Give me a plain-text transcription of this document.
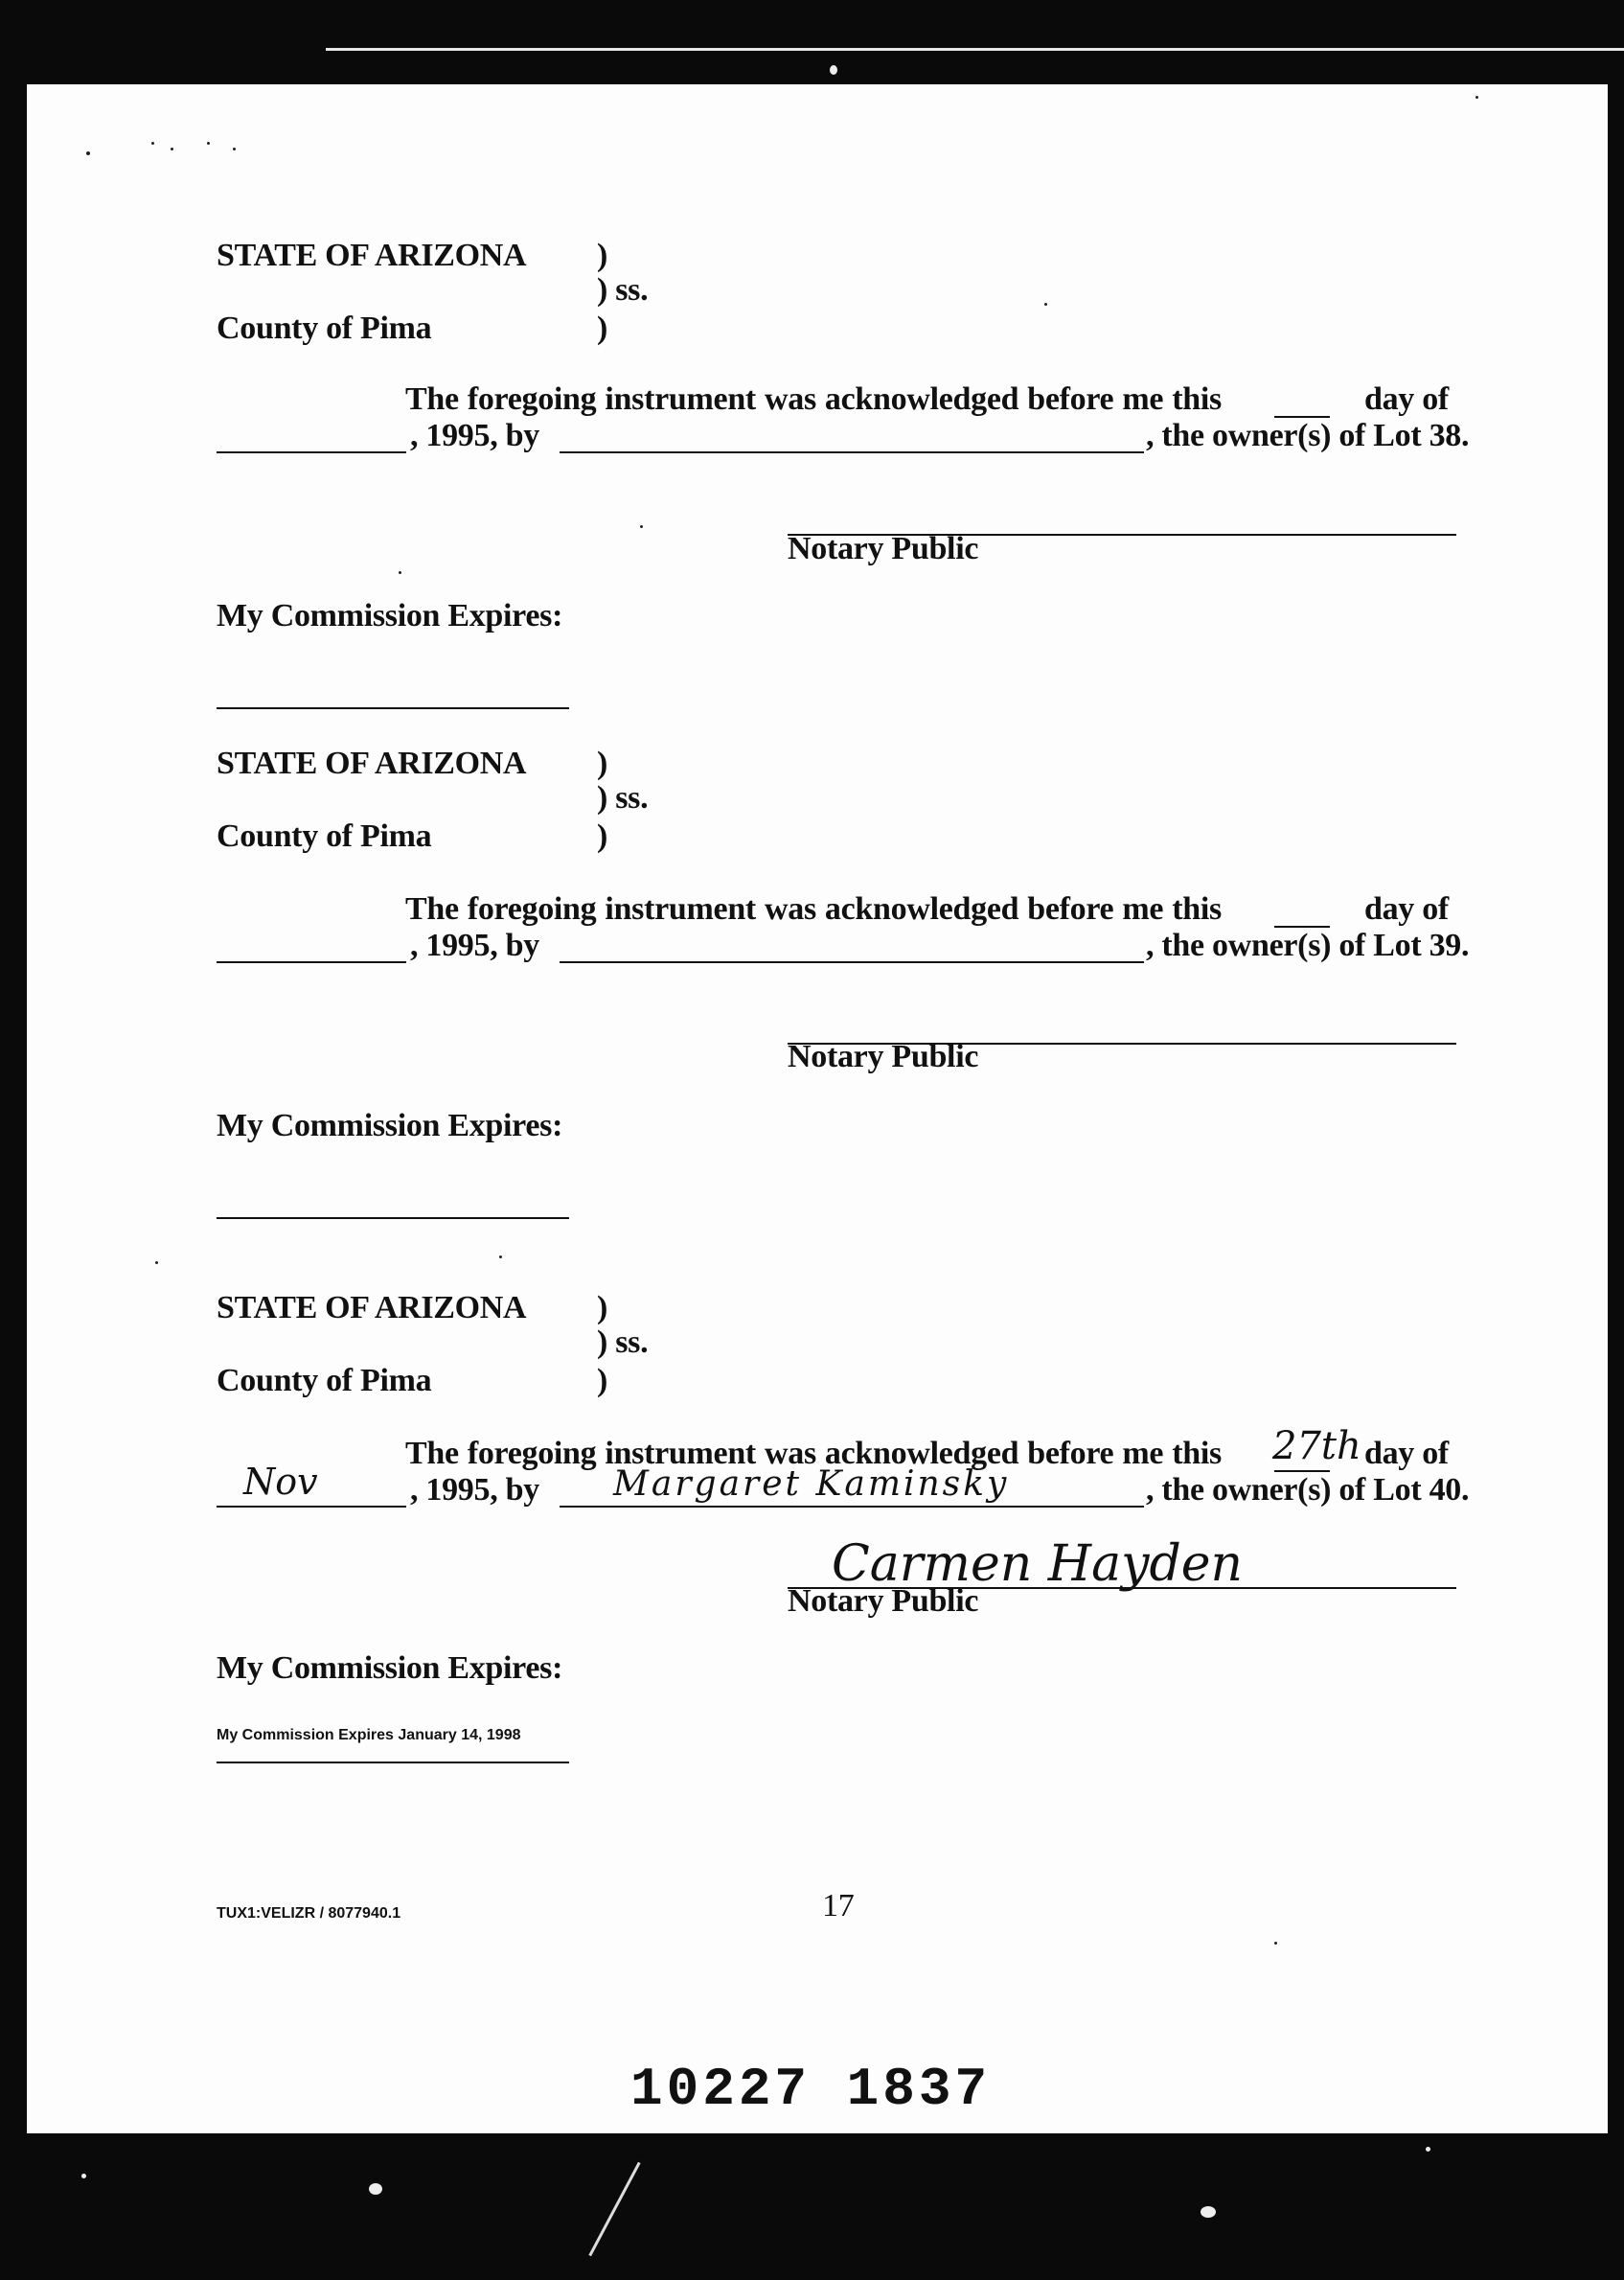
STATE OF ARIZONA )
) ss.
County of Pima	)
The foregoing instrument was acknowledged before me this	day of
, 1995, by	, the owner(s) of Lot 38.
Notary Public
My Commission Expires:
STATE OF ARIZONA )
) ss.
County of Pima	)
The foregoing instrument was acknowledged before me this	day of
, 1995, by	, the owner(s) of Lot 39.
Notary Public
My Commission Expires:
STATE OF ARIZONA )
) ss.
County of Pima	)
The foregoing instrument was acknowledged before me this 27th day of
Nov	, 1995, by Margaret Kaminsky	, the owner(s) of Lot 40.
Carmen Hayden
Notary Public
My Commission Expires:
My Commission Expires January 14, 1998
TUX1:VELIZR / 8077940.1	17
10227 1837
